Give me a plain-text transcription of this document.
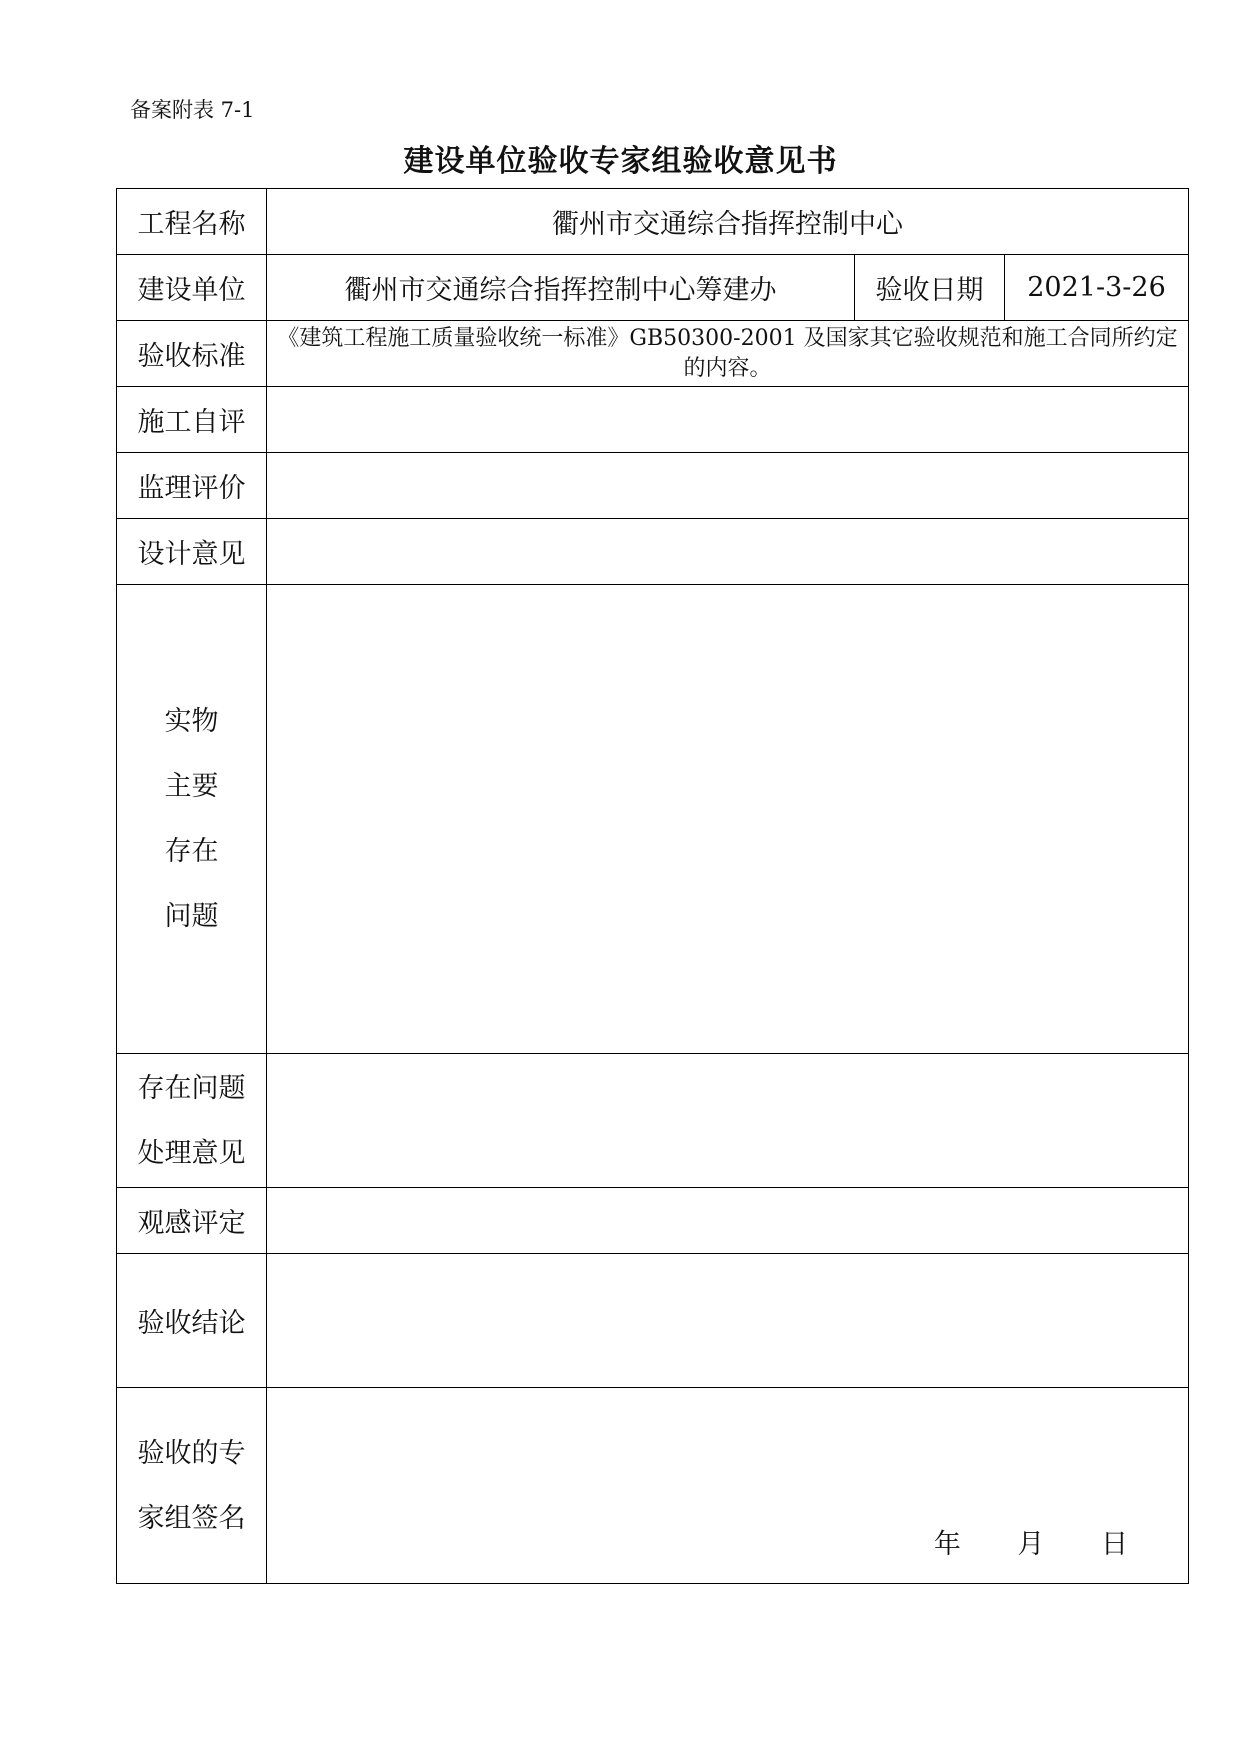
备案附表 7-1
建设单位验收专家组验收意见书
工程名称	衢州市交通综合指挥控制中心		
建设单位	衢州市交通综合指挥控制中心筹建办	验收日期	2021-3-26
验收标准	《建筑工程施工质量验收统一标准》GB50300-2001 及国家其它验收规范和施工合同所约定的内容。		
施工自评			
监理评价			
设计意见			

实物
主要
存在
问题			

存在问题
处理意见			

观感评定			
验收结论			

验收的专
家组签名	年 月 日		
